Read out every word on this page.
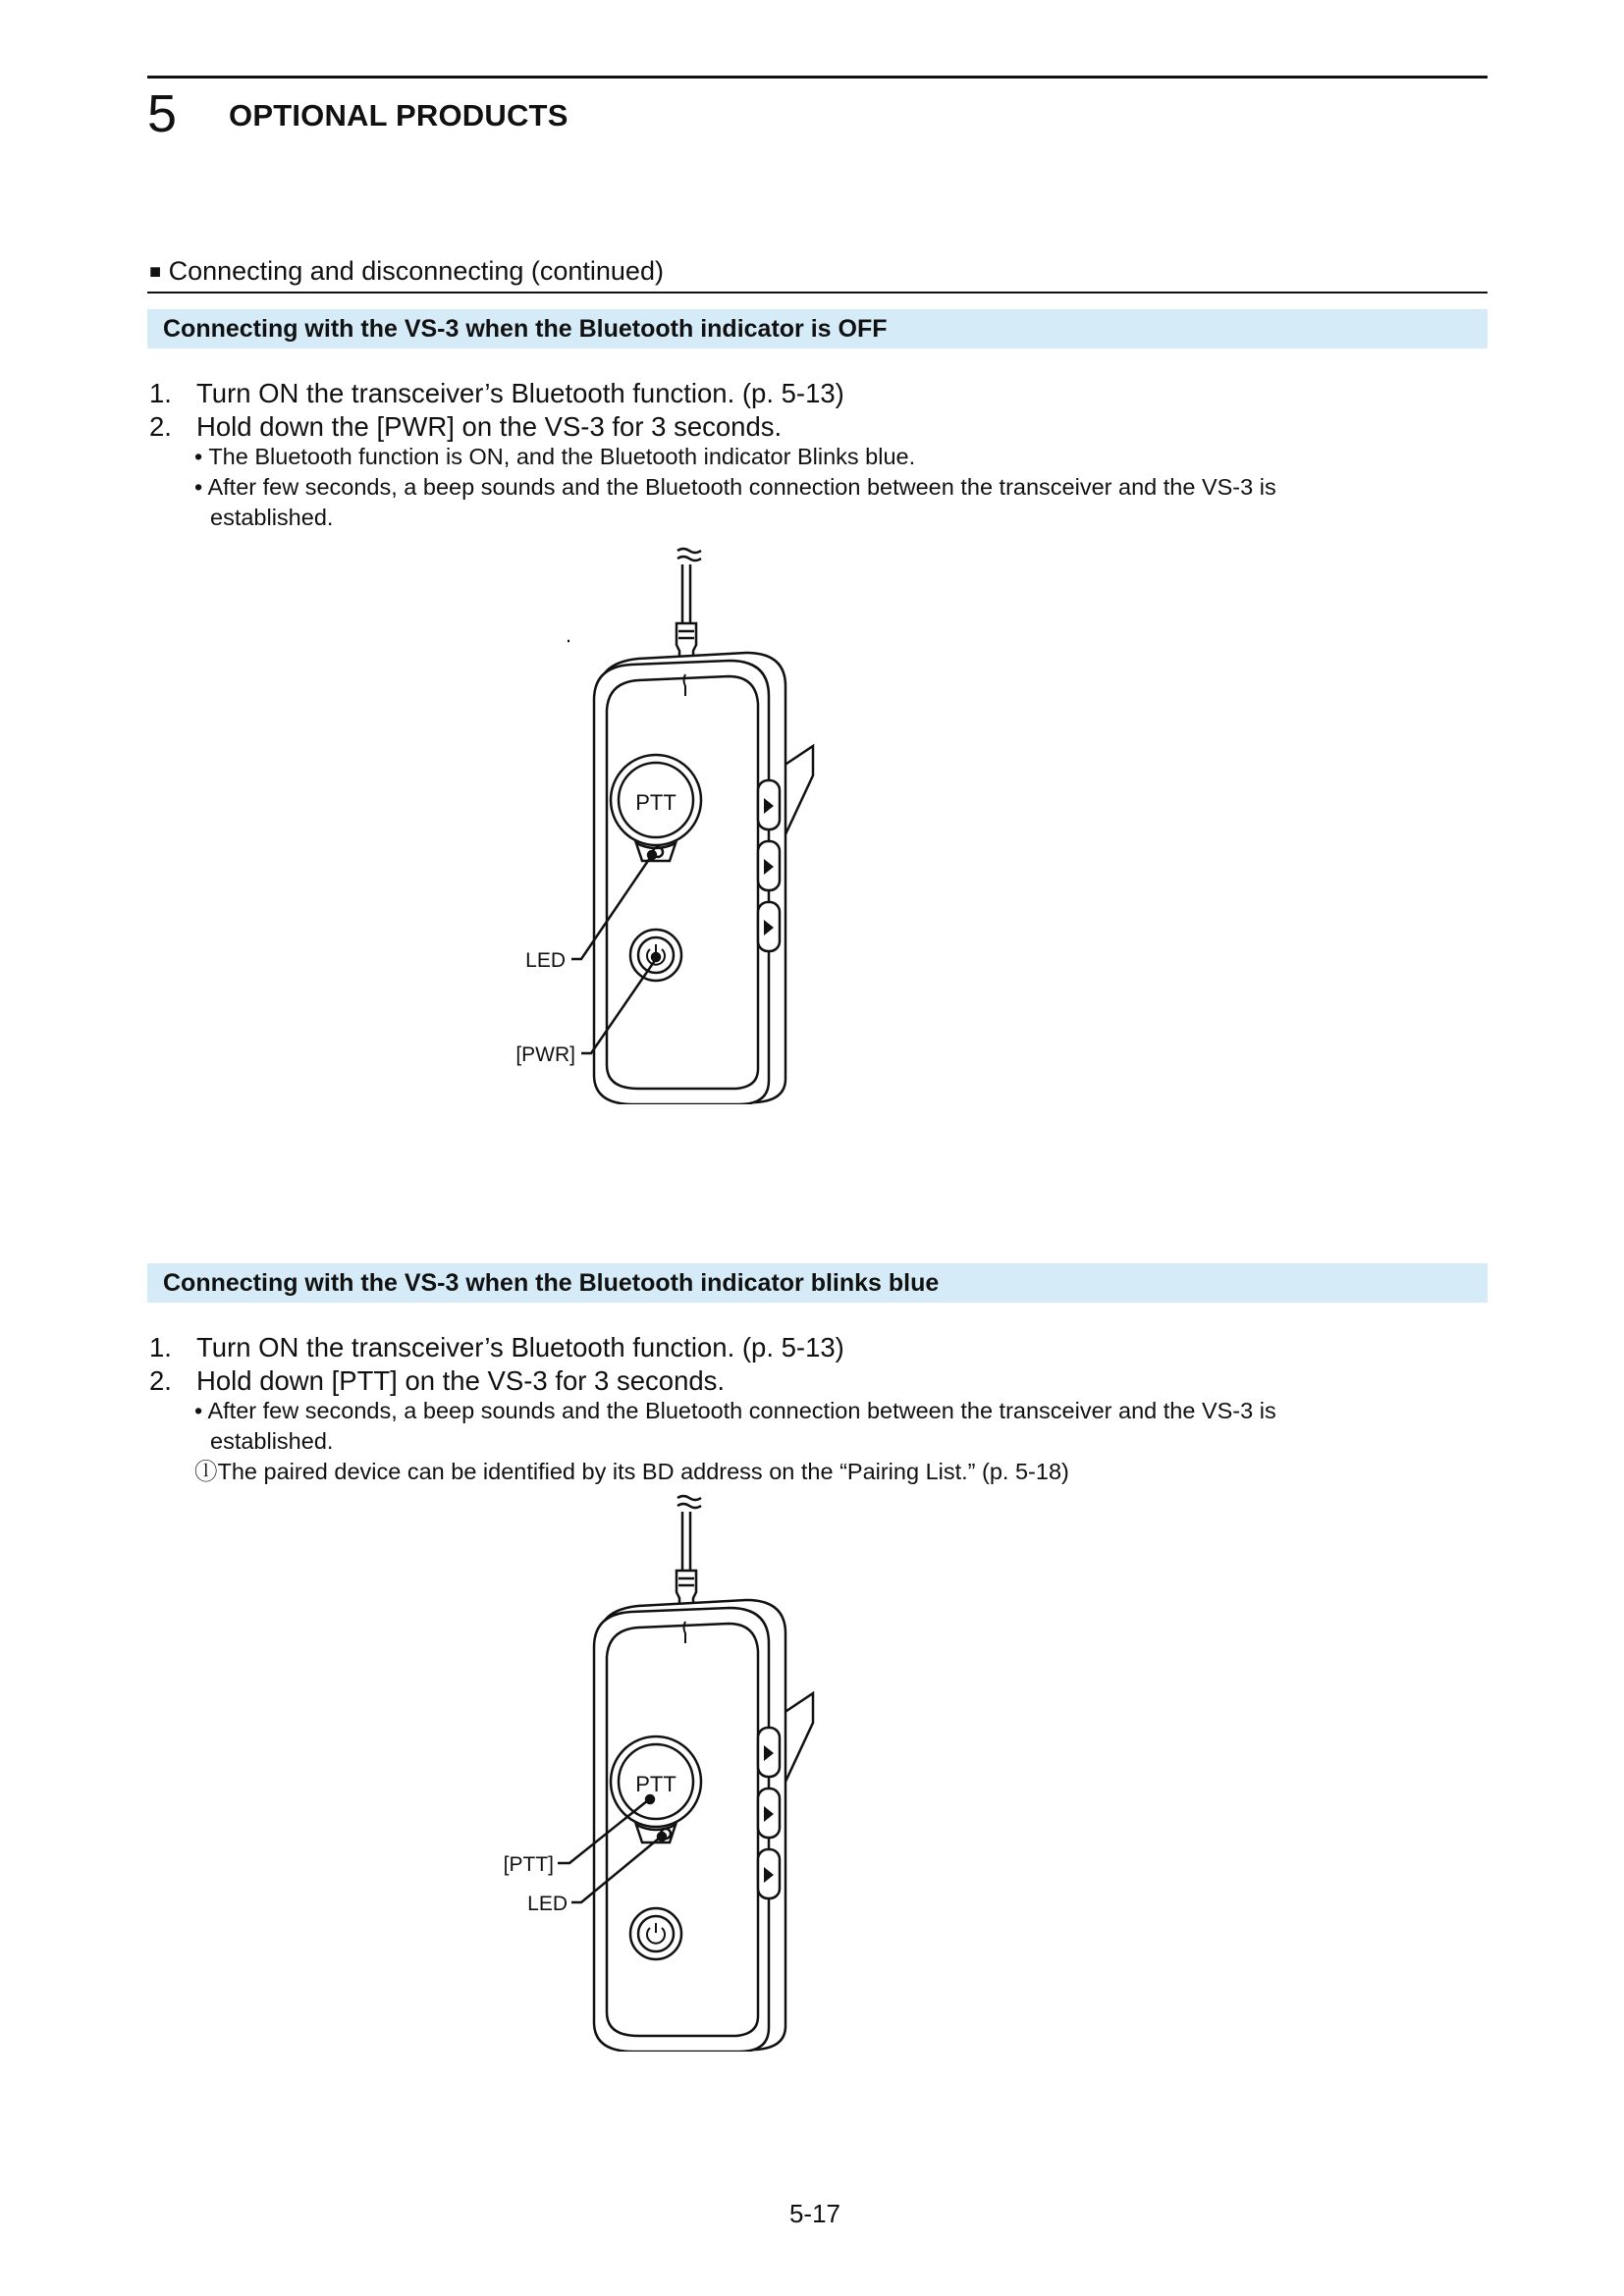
5 OPTIONAL PRODUCTS
■ Connecting and disconnecting (continued)
Connecting with the VS-3 when the Bluetooth indicator is OFF
1. Turn ON the transceiver’s Bluetooth function. (p. 5-13)
2. Hold down the [PWR] on the VS-3 for 3 seconds.
• The Bluetooth function is ON, and the Bluetooth indicator Blinks blue.
• After few seconds, a beep sounds and the Bluetooth connection between the transceiver and the VS-3 is
established.
PTT
LED
[PWR]
Connecting with the VS-3 when the Bluetooth indicator blinks blue
1. Turn ON the transceiver’s Bluetooth function. (p. 5-13)
2. Hold down [PTT] on the VS-3 for 3 seconds.
• After few seconds, a beep sounds and the Bluetooth connection between the transceiver and the VS-3 is
established.
ⓛThe paired device can be identified by its BD address on the “Pairing List.” (p. 5-18)
PTT
[PTT]
LED
5-17
